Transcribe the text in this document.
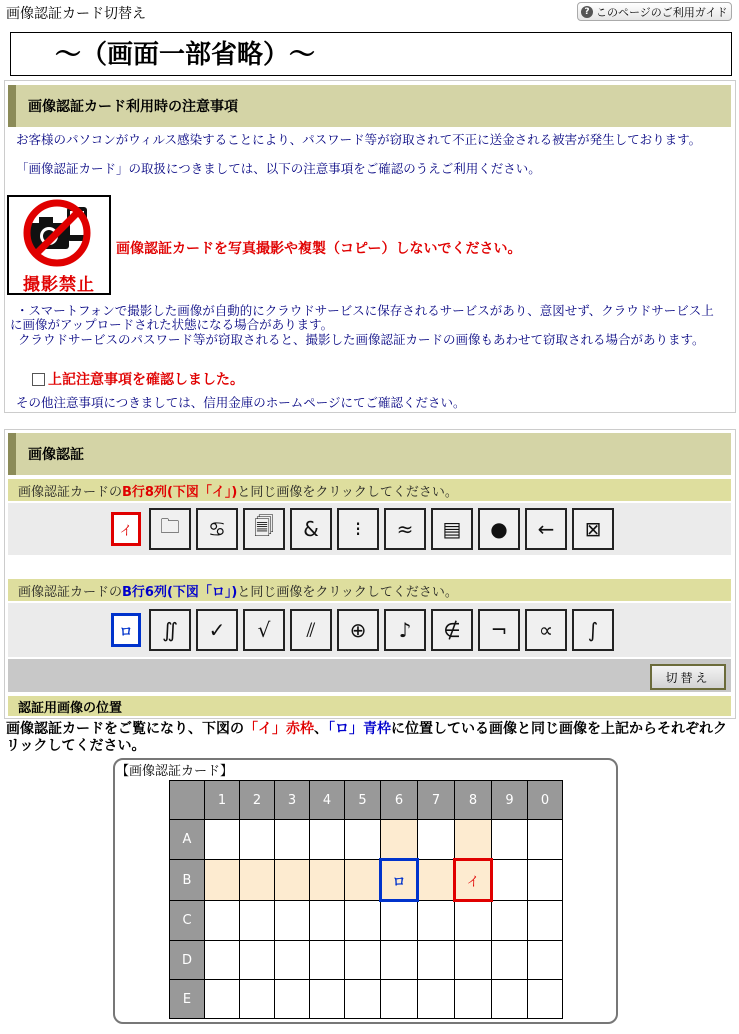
画像認証カード切替え	? このページのご利用ガイド
〜（画面一部省略）〜
画像認証カード利用時の注意事項
お客様のパソコンがウィルス感染することにより、パスワード等が窃取されて不正に送金される被害が発生しております。
「画像認証カード」の取扱につきましては、以下の注意事項をご確認のうえご利用ください。
撮影禁止
画像認証カードを写真撮影や複製（コピー）しないでください。
・スマートフォンで撮影した画像が自動的にクラウドサービスに保存されるサービスがあり、意図せず、クラウドサービス上に画像がアップロードされた状態になる場合があります。
クラウドサービスのパスワード等が窃取されると、撮影した画像認証カードの画像もあわせて窃取される場合があります。
上記注意事項を確認しました。
その他注意事項につきましては、信用金庫のホームページにてご確認ください。
画像認証
画像認証カードの B行8列(下図「イ」) と同じ画像をクリックしてください。
イ	🗀	♋	🗐	&	⁝	≈	▤	●	←	⊠
画像認証カードの B行6列(下図「ロ」) と同じ画像をクリックしてください。
ロ	∬	✓	√	⫽	⊕	♪	∉	¬	∝	∫
切替え
認証用画像の位置
画像認証カードをご覧になり、下図の「イ」赤枠、「ロ」青枠に位置している画像と同じ画像を上記からそれぞれクリックしてください。
【画像認証カード】
	1	2	3	4	5	6	7	8	9	0
A										
B						ロ		イ		
C										
D										
E										
